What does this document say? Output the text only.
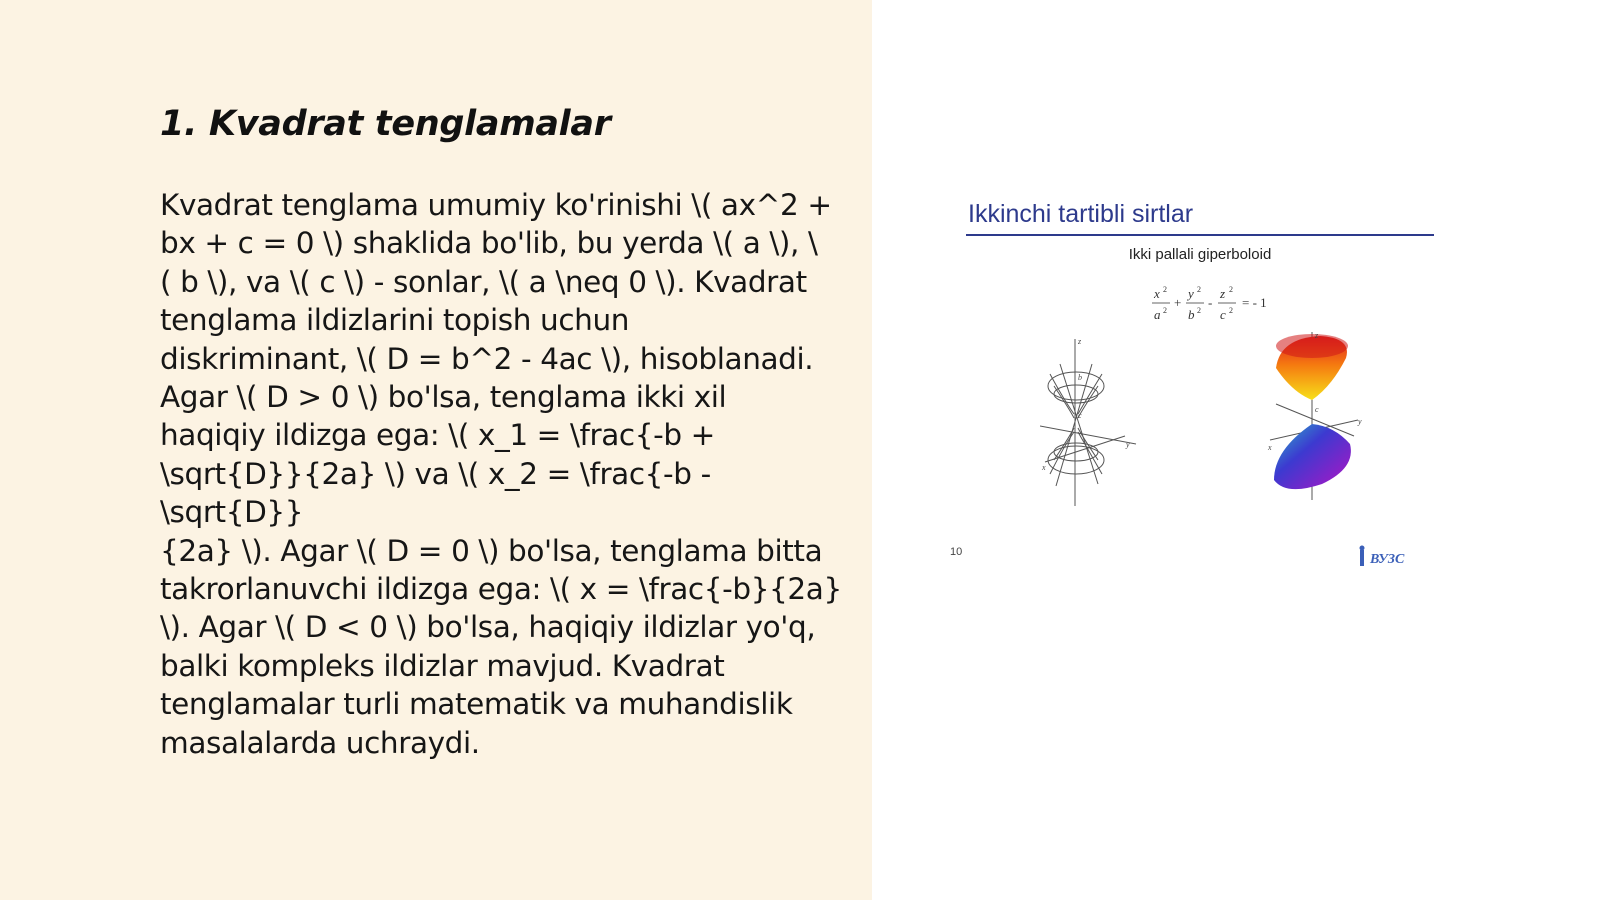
1. Kvadrat tenglamalar

Kvadrat tenglama umumiy ko'rinishi \( ax^2 +
bx + c = 0 \) shaklida bo'lib, bu yerda \( a \), \
( b \), va \( c \) - sonlar, \( a \neq 0 \). Kvadrat
tenglama ildizlarini topish uchun
diskriminant, \( D = b^2 - 4ac \), hisoblanadi.
Agar \( D > 0 \) bo'lsa, tenglama ikki xil
haqiqiy ildizga ega: \( x_1 = \frac{-b +
\sqrt{D}}{2a} \) va \( x_2 = \frac{-b - \sqrt{D}}
{2a} \). Agar \( D = 0 \) bo'lsa, tenglama bitta
takrorlanuvchi ildizga ega: \( x = \frac{-b}{2a}
\). Agar \( D < 0 \) bo'lsa, haqiqiy ildizlar yo'q,
balki kompleks ildizlar mavjud. Kvadrat
tenglamalar turli matematik va muhandislik
masalalarda uchraydi.

Ikkinchi tartibli sirtlar
Ikki pallali giperboloid
x 2
a 2
+
y 2
b 2
-
z 2
c 2
= - 1
z
y
x
b
c
z
y
x
c
10	ВУЗС
